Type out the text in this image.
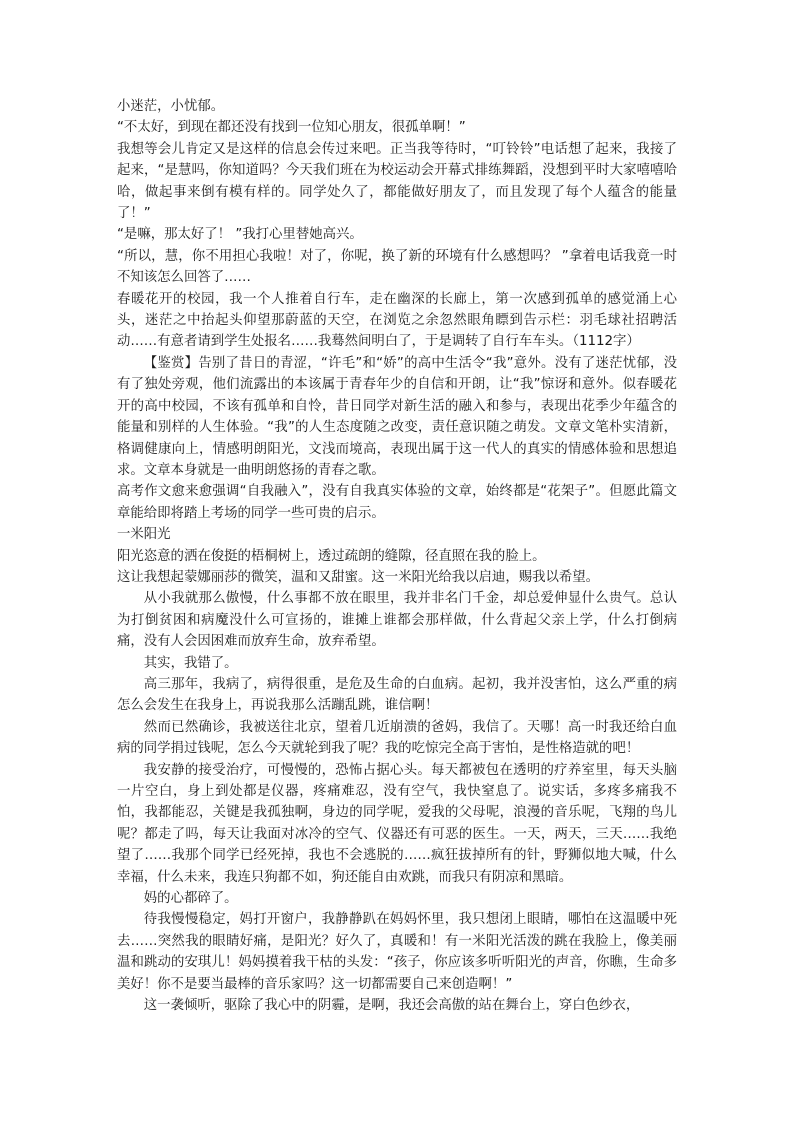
小迷茫，小忧郁。

“不太好，到现在都还没有找到一位知心朋友，很孤单啊！”

我想等会儿肯定又是这样的信息会传过来吧。正当我等待时，“叮铃铃”电话想了起来，我接了起来，“是慧吗，你知道吗？今天我们班在为校运动会开幕式排练舞蹈，没想到平时大家嘻嘻哈哈，做起事来倒有模有样的。同学处久了，都能做好朋友了，而且发现了每个人蕴含的能量了！”

“是嘛，那太好了！ ”我打心里替她高兴。

“所以，慧，你不用担心我啦！对了，你呢，换了新的环境有什么感想吗？ ”拿着电话我竟一时不知该怎么回答了……

春暖花开的校园，我一个人推着自行车，走在幽深的长廊上，第一次感到孤单的感觉涌上心头，迷茫之中抬起头仰望那蔚蓝的天空，在浏览之余忽然眼角瞟到告示栏：羽毛球社招聘活动……有意者请到学生处报名……我蓦然间明白了，于是调转了自行车车头。（1112字）

【鉴赏】告别了昔日的青涩，“许毛”和“娇”的高中生活令“我”意外。没有了迷茫忧郁，没有了独处旁观，他们流露出的本该属于青春年少的自信和开朗，让“我”惊讶和意外。似春暖花开的高中校园，不该有孤单和自怜，昔日同学对新生活的融入和参与，表现出花季少年蕴含的能量和别样的人生体验。“我”的人生态度随之改变，责任意识随之萌发。文章文笔朴实清新，格调健康向上，情感明朗阳光，文浅而境高，表现出属于这一代人的真实的情感体验和思想追求。文章本身就是一曲明朗悠扬的青春之歌。

高考作文愈来愈强调“自我融入”，没有自我真实体验的文章，始终都是“花架子”。但愿此篇文章能给即将踏上考场的同学一些可贵的启示。

一米阳光

阳光恣意的洒在俊挺的梧桐树上，透过疏朗的缝隙，径直照在我的脸上。

这让我想起蒙娜丽莎的微笑，温和又甜蜜。这一米阳光给我以启迪，赐我以希望。

从小我就那么傲慢，什么事都不放在眼里，我并非名门千金，却总爱伸显什么贵气。总认为打倒贫困和病魔没什么可宣扬的，谁摊上谁都会那样做，什么背起父亲上学，什么打倒病痛，没有人会因困难而放弃生命，放弃希望。

其实，我错了。

高三那年，我病了，病得很重，是危及生命的白血病。起初，我并没害怕，这么严重的病怎么会发生在我身上，再说我那么活蹦乱跳，谁信啊！

然而已然确诊，我被送往北京，望着几近崩溃的爸妈，我信了。天哪！高一时我还给白血病的同学捐过钱呢，怎么今天就轮到我了呢？我的吃惊完全高于害怕，是性格造就的吧！

我安静的接受治疗，可慢慢的，恐怖占据心头。每天都被包在透明的疗养室里，每天头脑一片空白，身上到处都是仪器，疼痛难忍，没有空气，我快窒息了。说实话，多疼多痛我不怕，我都能忍，关键是我孤独啊，身边的同学呢，爱我的父母呢，浪漫的音乐呢，飞翔的鸟儿呢？都走了吗，每天让我面对冰冷的空气、仪器还有可恶的医生。一天，两天，三天……我绝望了……我那个同学已经死掉，我也不会逃脱的……疯狂拔掉所有的针，野狮似地大喊，什么幸福，什么未来，我连只狗都不如，狗还能自由欢跳，而我只有阴凉和黑暗。

妈的心都碎了。

待我慢慢稳定，妈打开窗户，我静静趴在妈妈怀里，我只想闭上眼睛，哪怕在这温暖中死去……突然我的眼睛好痛，是阳光？好久了，真暖和！有一米阳光活泼的跳在我脸上，像美丽温和跳动的安琪儿！妈妈摸着我干枯的头发：“孩子，你应该多听听阳光的声音，你瞧，生命多美好！你不是要当最棒的音乐家吗？这一切都需要自己来创造啊！”

这一袭倾听，驱除了我心中的阴霾，是啊，我还会高傲的站在舞台上，穿白色纱衣，
